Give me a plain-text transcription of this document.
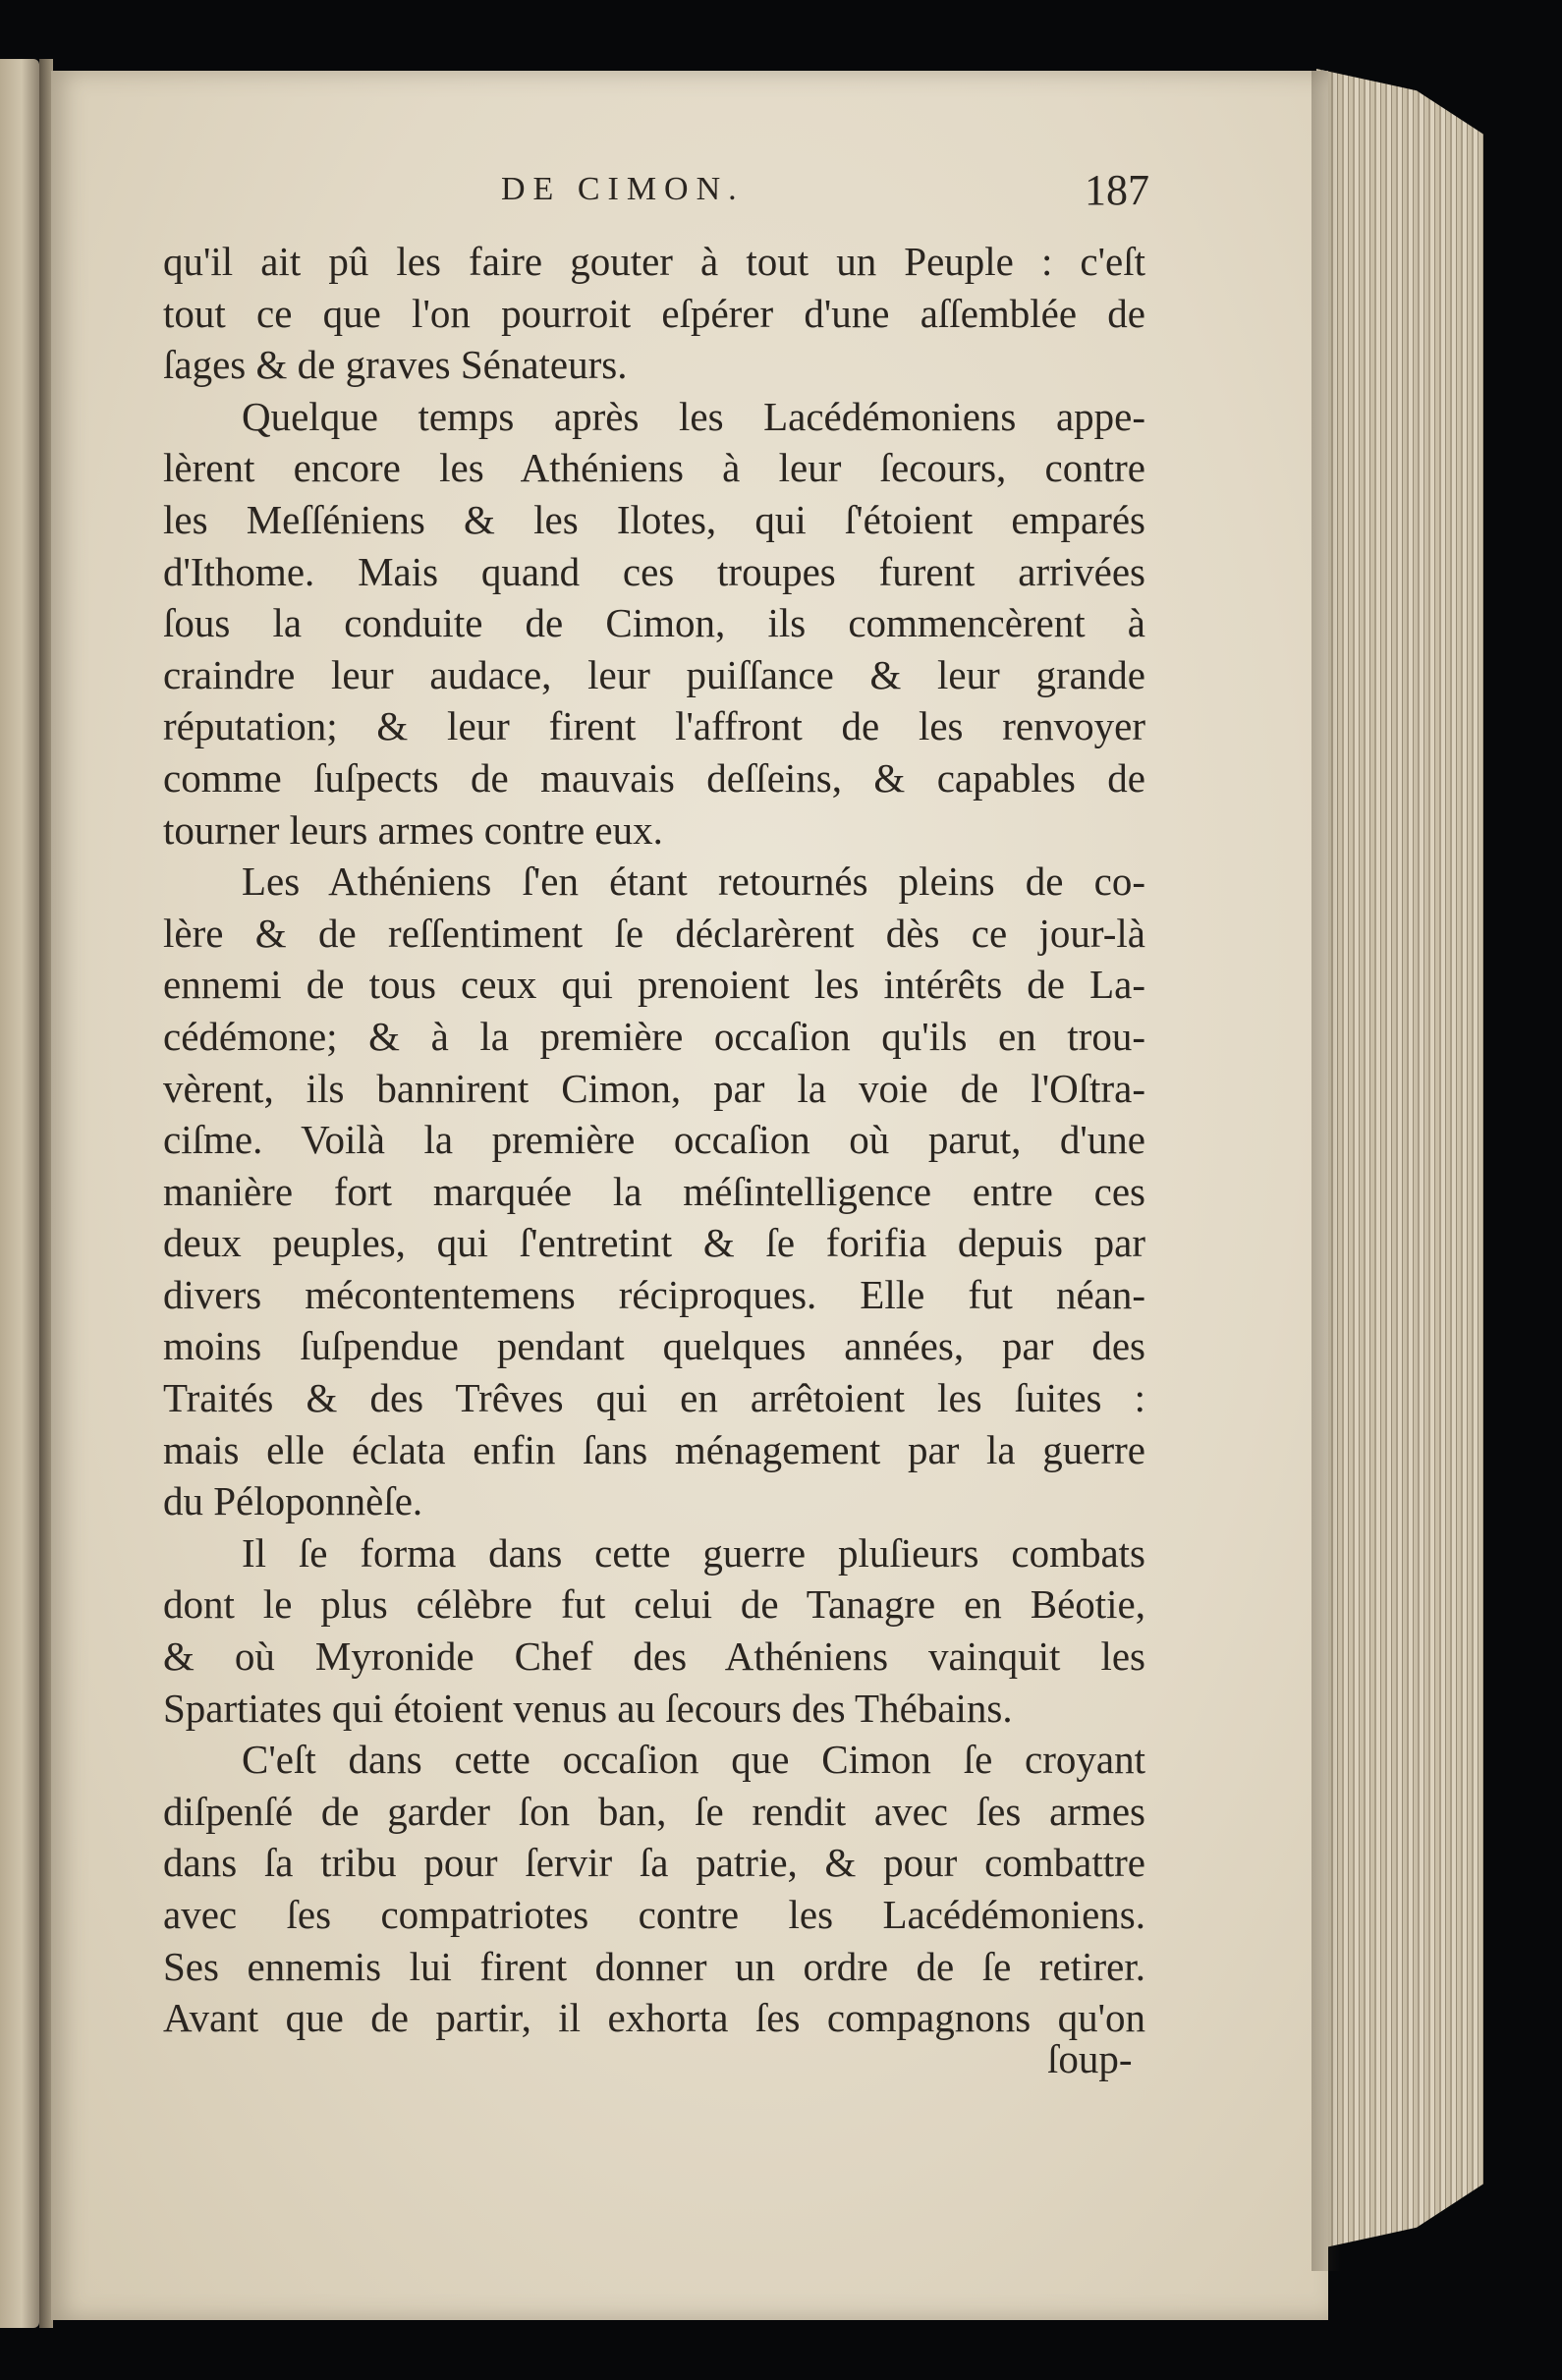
DE CIMON.	187

qu'il ait pû les faire gouter à tout un Peuple : c'eſt
tout ce que l'on pourroit eſpérer d'une aſſemblée de
ſages & de graves Sénateurs.

Quelque temps après les Lacédémoniens appe-
lèrent encore les Athéniens à leur ſecours, contre
les Meſſéniens & les Ilotes, qui ſ'étoient emparés
d'Ithome. Mais quand ces troupes furent arrivées
ſous la conduite de Cimon, ils commencèrent à
craindre leur audace, leur puiſſance & leur grande
réputation; & leur firent l'affront de les renvoyer
comme ſuſpects de mauvais deſſeins, & capables de
tourner leurs armes contre eux.

Les Athéniens ſ'en étant retournés pleins de co-
lère & de reſſentiment ſe déclarèrent dès ce jour-là
ennemi de tous ceux qui prenoient les intérêts de La-
cédémone; & à la première occaſion qu'ils en trou-
vèrent, ils bannirent Cimon, par la voie de l'Oſtra-
ciſme. Voilà la première occaſion où parut, d'une
manière fort marquée la méſintelligence entre ces
deux peuples, qui ſ'entretint & ſe forifia depuis par
divers mécontentemens réciproques. Elle fut néan-
moins ſuſpendue pendant quelques années, par des
Traités & des Trêves qui en arrêtoient les ſuites :
mais elle éclata enfin ſans ménagement par la guerre
du Péloponnèſe.

Il ſe forma dans cette guerre pluſieurs combats
dont le plus célèbre fut celui de Tanagre en Béotie,
& où Myronide Chef des Athéniens vainquit les
Spartiates qui étoient venus au ſecours des Thébains.

C'eſt dans cette occaſion que Cimon ſe croyant
diſpenſé de garder ſon ban, ſe rendit avec ſes armes
dans ſa tribu pour ſervir ſa patrie, & pour combattre
avec ſes compatriotes contre les Lacédémoniens.
Ses ennemis lui firent donner un ordre de ſe retirer.
Avant que de partir, il exhorta ſes compagnons qu'on

ſoup-
